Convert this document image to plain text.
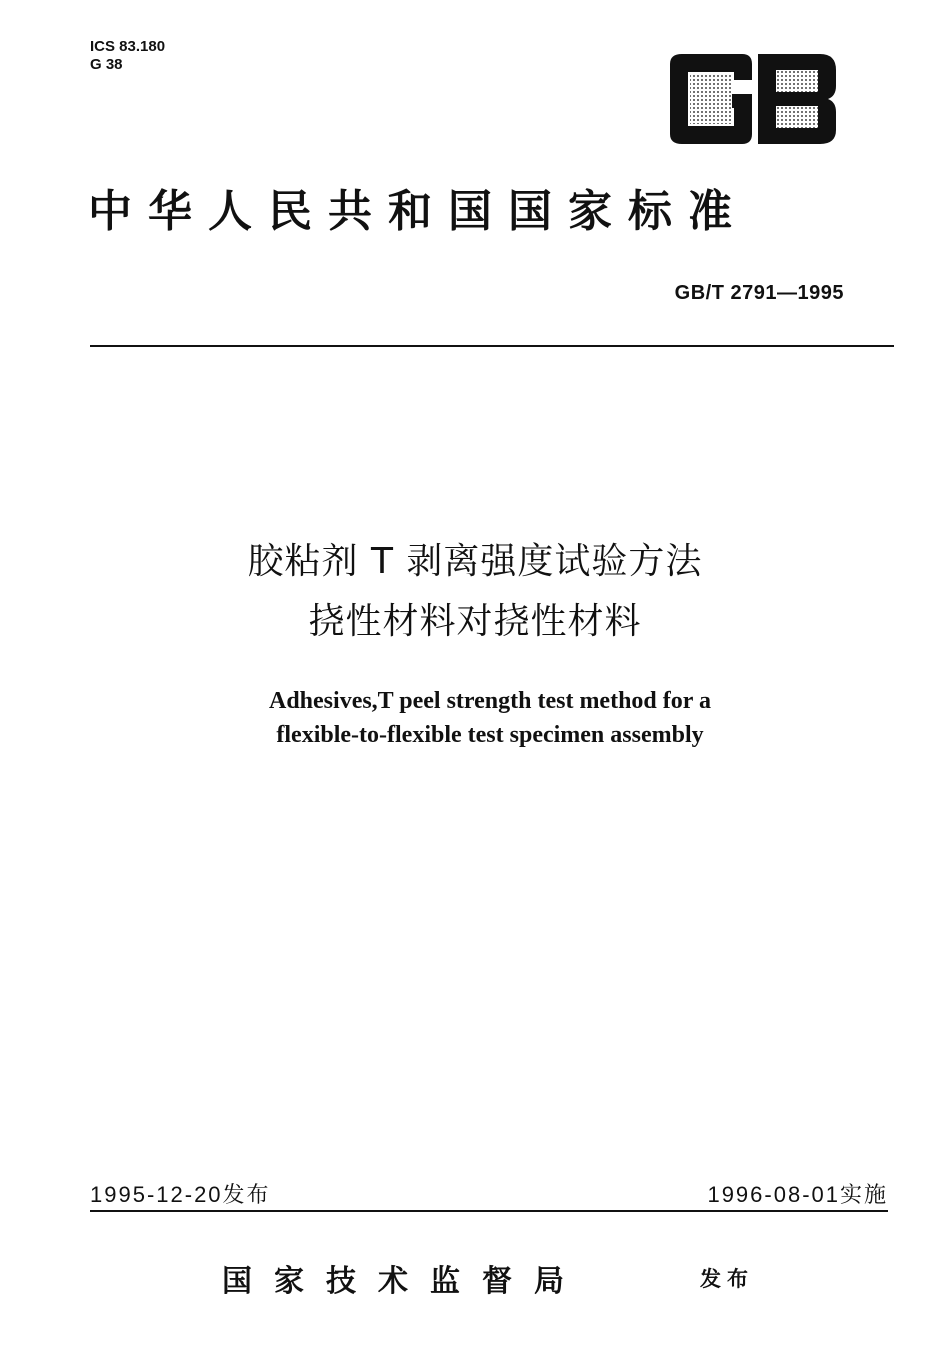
ICS 83.180
G 38
中华人民共和国国家标准
GB/T 2791—1995
胶粘剂 T 剥离强度试验方法
挠性材料对挠性材料
Adhesives,T peel strength test method for a
flexible-to-flexible test specimen assembly
1995-12-20发布	1996-08-01实施
国家技术监督局	发布
